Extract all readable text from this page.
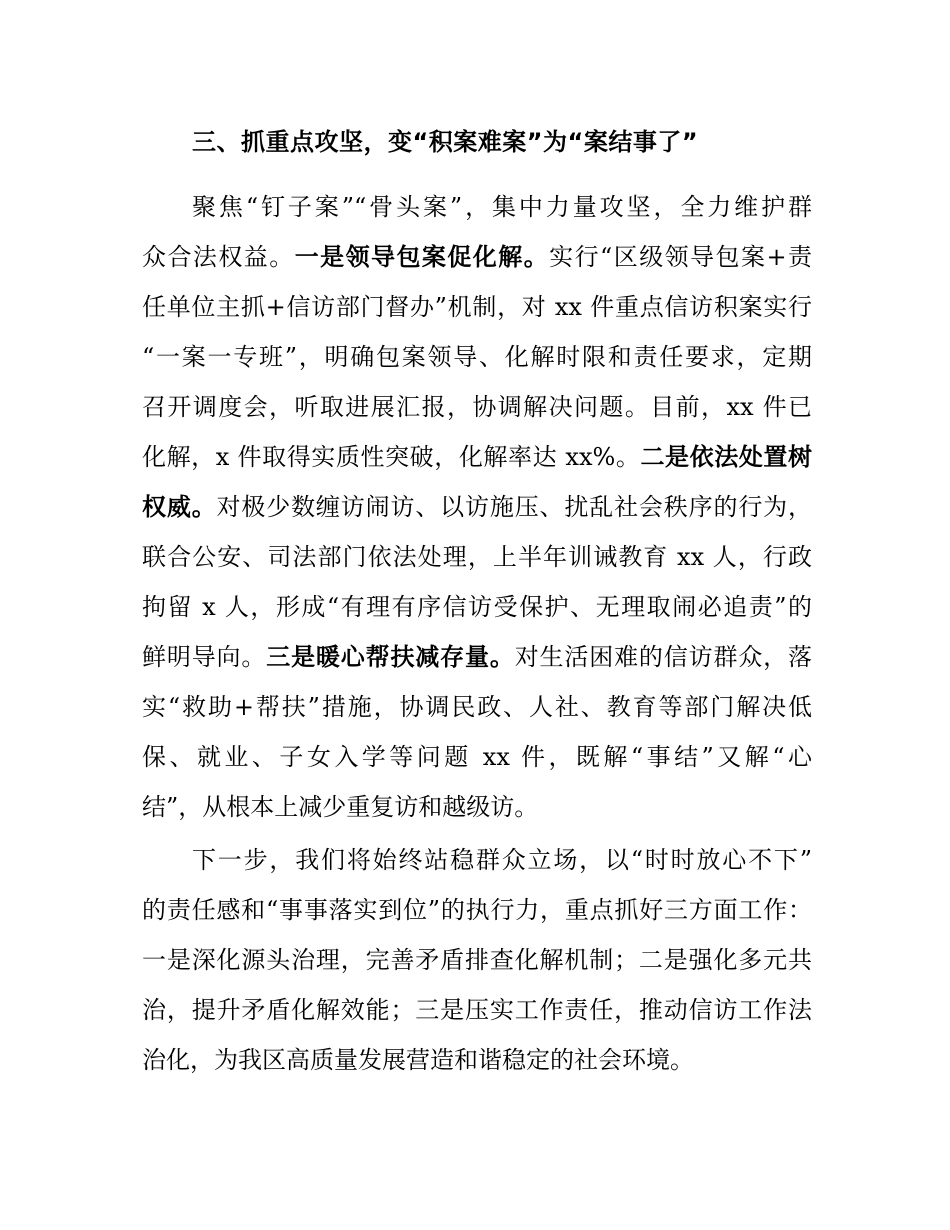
三、抓重点攻坚，变“积案难案”为“案结事了”
聚焦“钉子案”“骨头案”，集中力量攻坚，全力维护群
众合法权益。一是领导包案促化解。实行“区级领导包案+责
任单位主抓+信访部门督办”机制，对 xx 件重点信访积案实行
“一案一专班”，明确包案领导、化解时限和责任要求，定期
召开调度会，听取进展汇报，协调解决问题。目前，xx 件已
化解，x 件取得实质性突破，化解率达 xx%。二是依法处置树
权威。对极少数缠访闹访、以访施压、扰乱社会秩序的行为，
联合公安、司法部门依法处理，上半年训诫教育 xx 人，行政
拘留 x 人，形成“有理有序信访受保护、无理取闹必追责”的
鲜明导向。三是暖心帮扶减存量。对生活困难的信访群众，落
实“救助+帮扶”措施，协调民政、人社、教育等部门解决低
保、就业、子女入学等问题 xx 件，既解“事结”又解“心
结”，从根本上减少重复访和越级访。
下一步，我们将始终站稳群众立场，以“时时放心不下”
的责任感和“事事落实到位”的执行力，重点抓好三方面工作：
一是深化源头治理，完善矛盾排查化解机制；二是强化多元共
治，提升矛盾化解效能；三是压实工作责任，推动信访工作法
治化，为我区高质量发展营造和谐稳定的社会环境。
